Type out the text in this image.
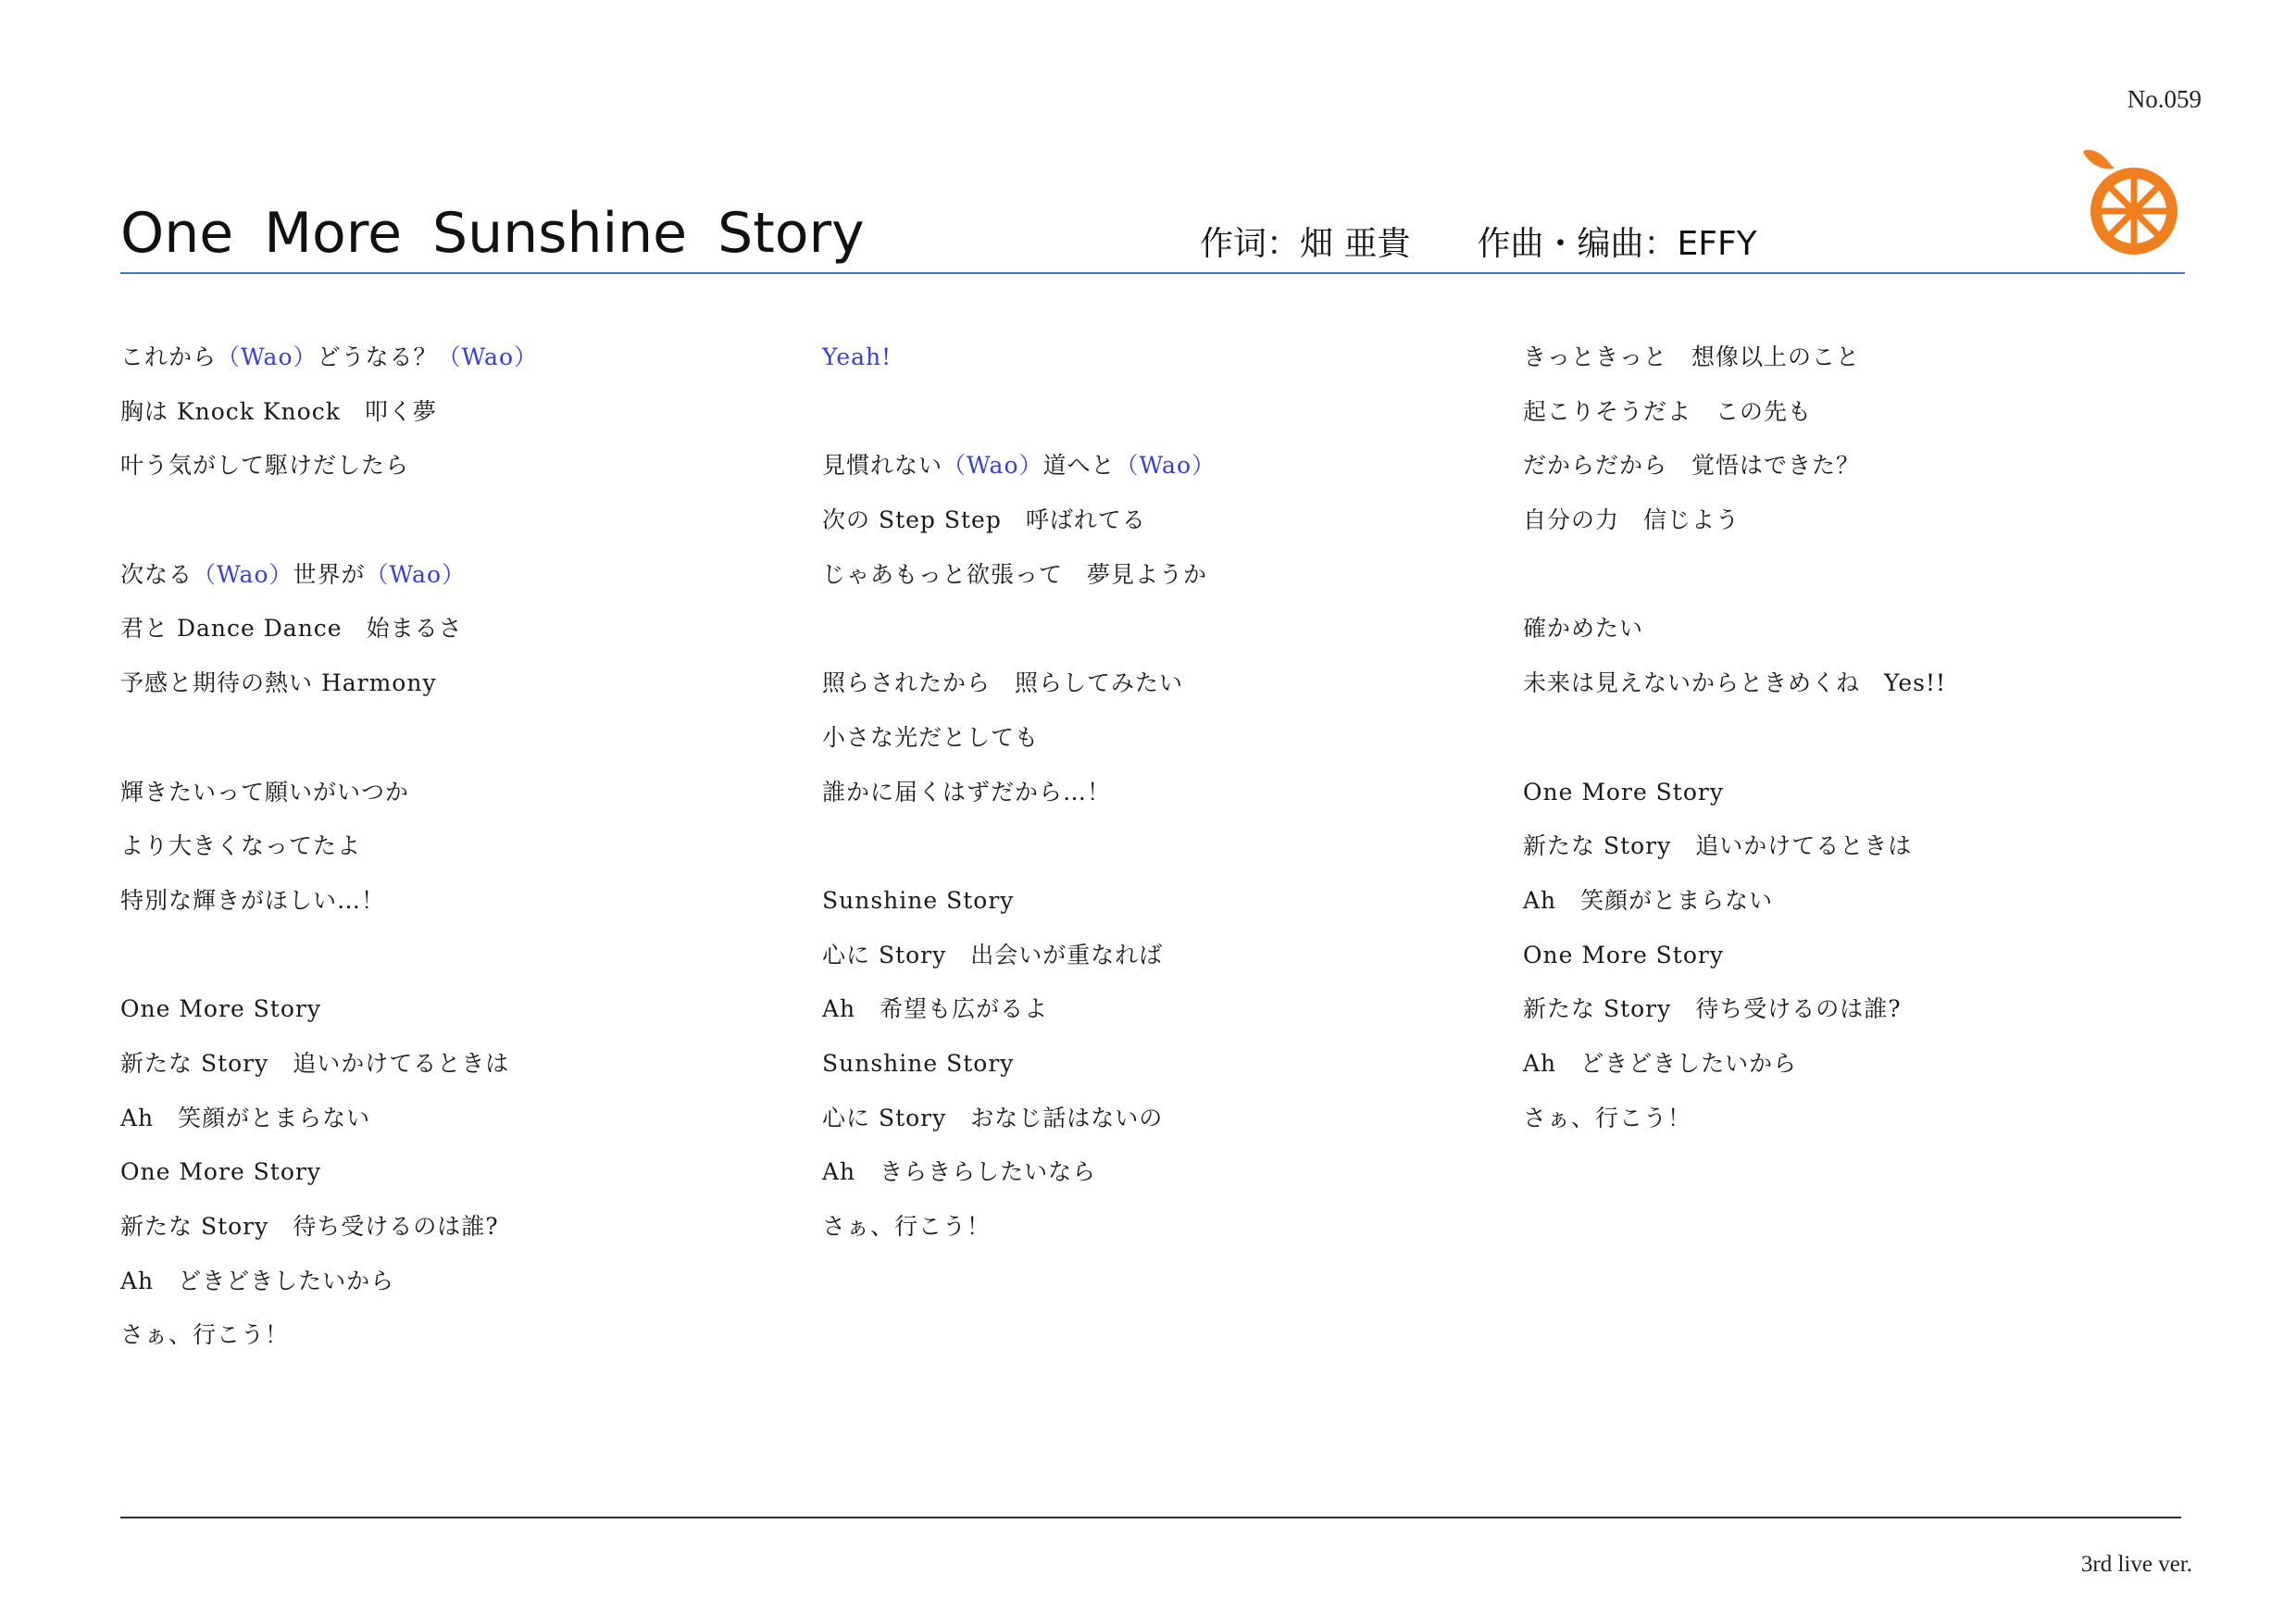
No.059
One More Sunshine Story	作词：畑 亜貴 作曲・编曲：EFFY
これから（Wao）どうなる？（Wao）
胸は Knock Knock　叩く夢
叶う気がして駆けだしたら
次なる（Wao）世界が（Wao）
君と Dance Dance　始まるさ
予感と期待の熱い Harmony
輝きたいって願いがいつか
より大きくなってたよ
特別な輝きがほしい…！
One More Story
新たな Story　追いかけてるときは
Ah　笑顔がとまらない
One More Story
新たな Story　待ち受けるのは誰?
Ah　どきどきしたいから
さぁ、行こう！
Yeah!
見慣れない（Wao）道へと（Wao）
次の Step Step　呼ばれてる
じゃあもっと欲張って　夢見ようか
照らされたから　照らしてみたい
小さな光だとしても
誰かに届くはずだから…！
Sunshine Story
心に Story　出会いが重なれば
Ah　希望も広がるよ
Sunshine Story
心に Story　おなじ話はないの
Ah　きらきらしたいなら
さぁ、行こう！
きっときっと　想像以上のこと
起こりそうだよ　この先も
だからだから　覚悟はできた？
自分の力　信じよう
確かめたい
未来は見えないからときめくね　Yes!!
One More Story
新たな Story　追いかけてるときは
Ah　笑顔がとまらない
One More Story
新たな Story　待ち受けるのは誰?
Ah　どきどきしたいから
さぁ、行こう！
3rd live ver.
